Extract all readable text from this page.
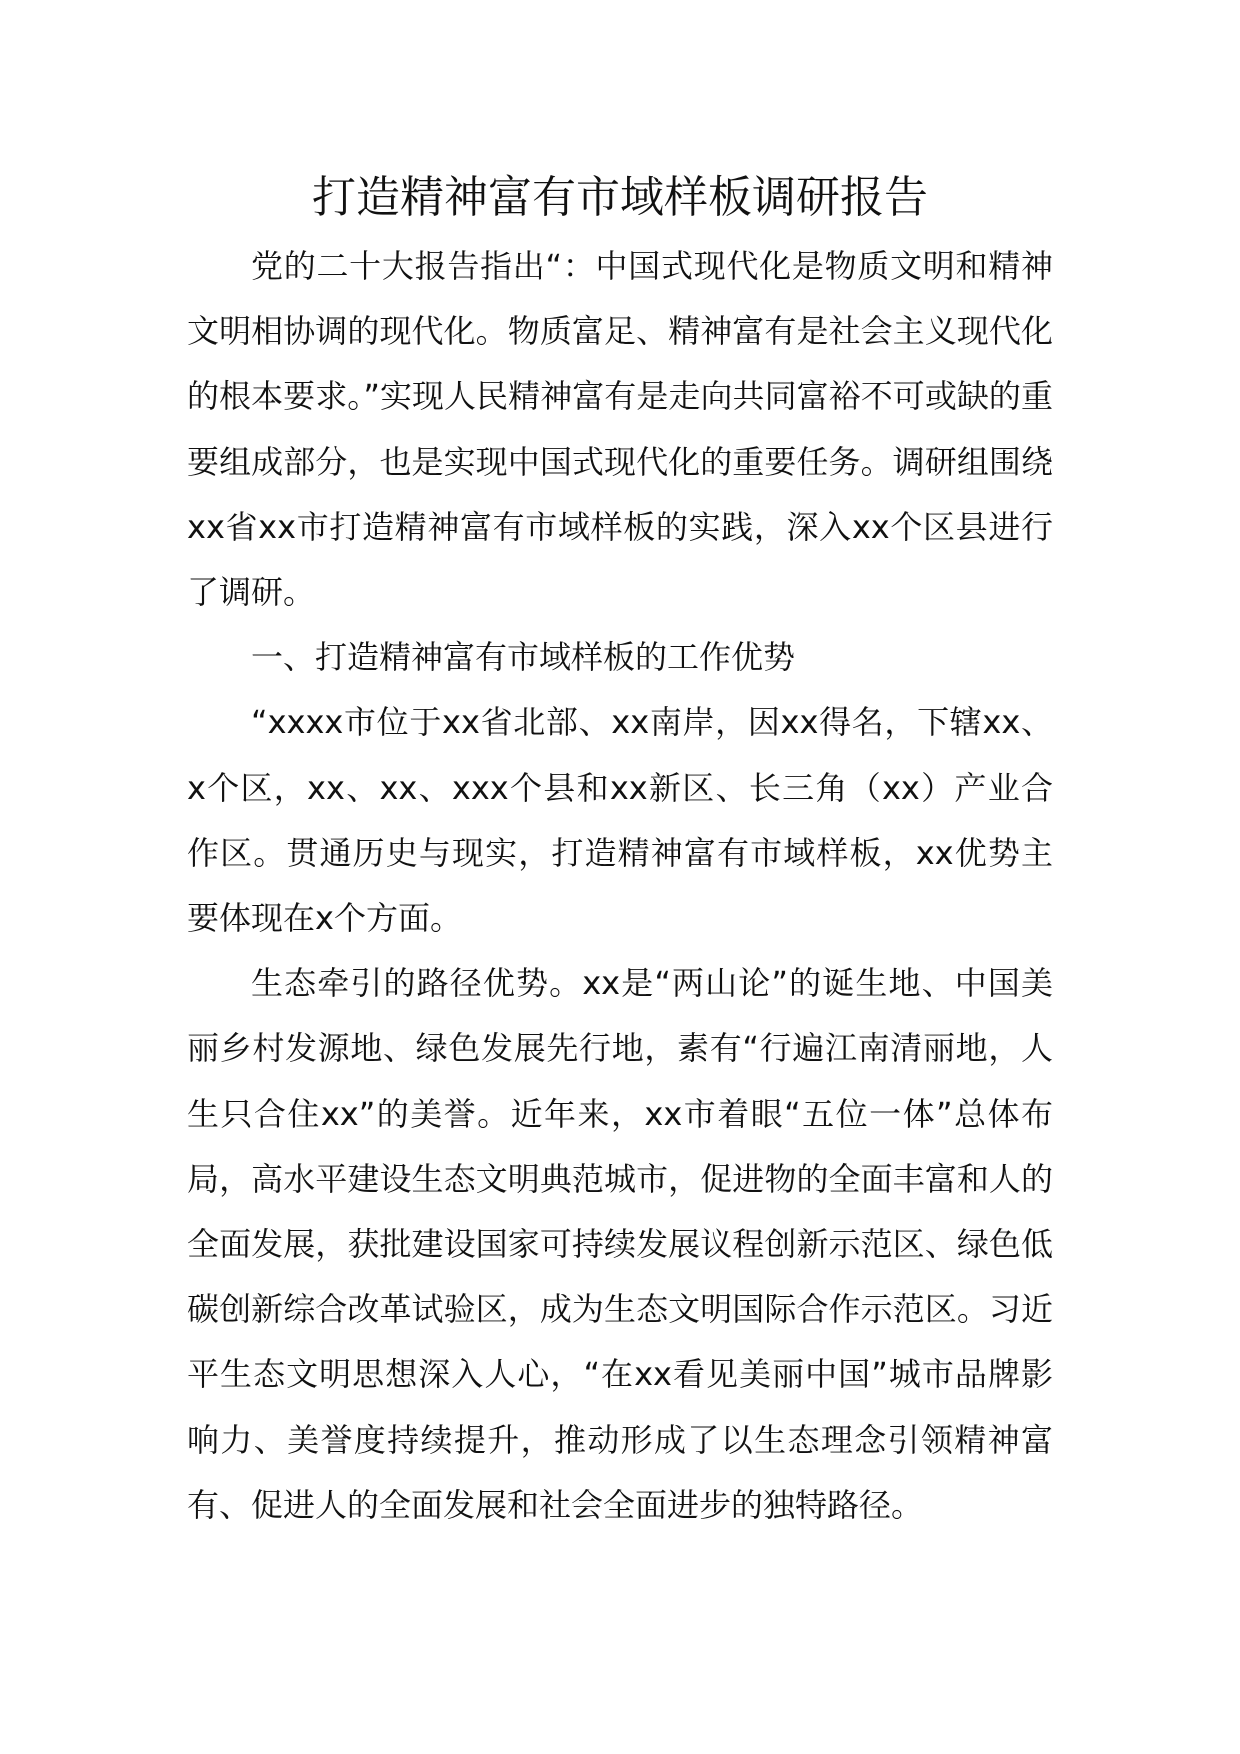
打造精神富有市域样板调研报告

党的二十大报告指出“：中国式现代化是物质文明和精神文明相协调的现代化。物质富足、精神富有是社会主义现代化的根本要求。”实现人民精神富有是走向共同富裕不可或缺的重要组成部分，也是实现中国式现代化的重要任务。调研组围绕xx省xx市打造精神富有市域样板的实践，深入xx个区县进行了调研。

一、打造精神富有市域样板的工作优势

“xxxx市位于xx省北部、xx南岸，因xx得名，下辖xx、x个区，xx、xx、xxx个县和xx新区、长三角（xx）产业合作区。贯通历史与现实，打造精神富有市域样板，xx优势主要体现在x个方面。

生态牵引的路径优势。xx是“两山论”的诞生地、中国美丽乡村发源地、绿色发展先行地，素有“行遍江南清丽地，人生只合住xx”的美誉。近年来，xx市着眼“五位一体”总体布局，高水平建设生态文明典范城市，促进物的全面丰富和人的全面发展，获批建设国家可持续发展议程创新示范区、绿色低碳创新综合改革试验区，成为生态文明国际合作示范区。习近平生态文明思想深入人心，“在xx看见美丽中国”城市品牌影响力、美誉度持续提升，推动形成了以生态理念引领精神富有、促进人的全面发展和社会全面进步的独特路径。
